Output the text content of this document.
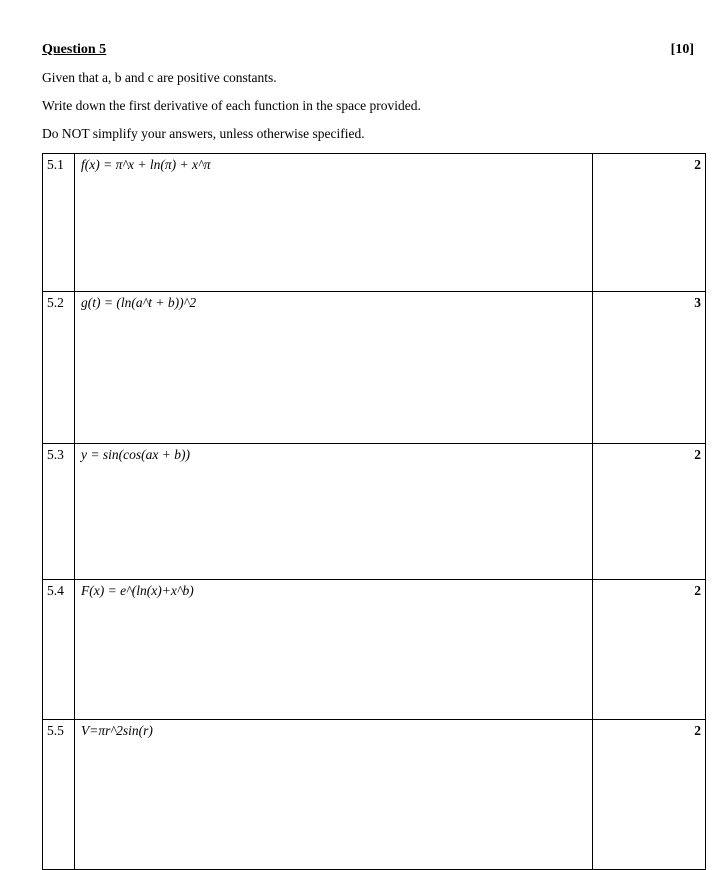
Question 5	[10]
Given that a, b and c are positive constants.
Write down the first derivative of each function in the space provided.
Do NOT simplify your answers, unless otherwise specified.
5.1	f(x) = π^x + ln(π) + x^π	2
5.2	g(t) = (ln(a^t + b))^2	3
5.3	y = sin(cos(ax + b))	2
5.4	F(x) = e^(ln(x)+x^b)	2
5.5	V=πr^2sin(r)	2
